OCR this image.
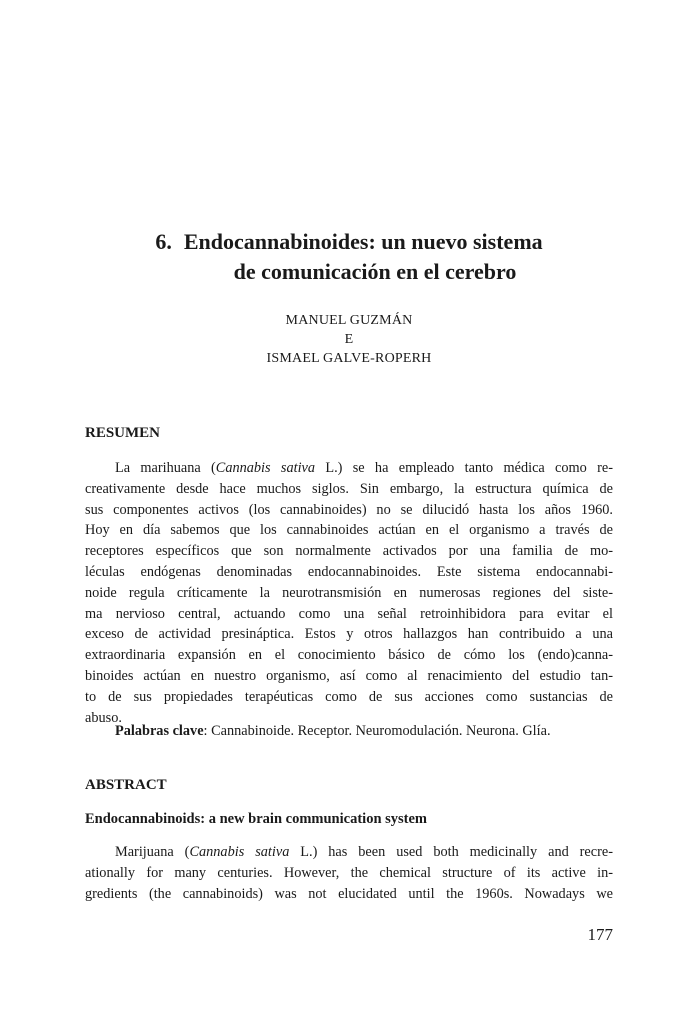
6. Endocannabinoides: un nuevo sistema
de comunicación en el cerebro
MANUEL GUZMÁN
E
ISMAEL GALVE-ROPERH
RESUMEN
La marihuana (Cannabis sativa L.) se ha empleado tanto médica como re-
creativamente desde hace muchos siglos. Sin embargo, la estructura química de
sus componentes activos (los cannabinoides) no se dilucidó hasta los años 1960.
Hoy en día sabemos que los cannabinoides actúan en el organismo a través de
receptores específicos que son normalmente activados por una familia de mo-
léculas endógenas denominadas endocannabinoides. Este sistema endocannabi-
noide regula críticamente la neurotransmisión en numerosas regiones del siste-
ma nervioso central, actuando como una señal retroinhibidora para evitar el
exceso de actividad presináptica. Estos y otros hallazgos han contribuido a una
extraordinaria expansión en el conocimiento básico de cómo los (endo)canna-
binoides actúan en nuestro organismo, así como al renacimiento del estudio tan-
to de sus propiedades terapéuticas como de sus acciones como sustancias de
abuso.
Palabras clave: Cannabinoide. Receptor. Neuromodulación. Neurona. Glía.
ABSTRACT
Endocannabinoids: a new brain communication system
Marijuana (Cannabis sativa L.) has been used both medicinally and recre-
ationally for many centuries. However, the chemical structure of its active in-
gredients (the cannabinoids) was not elucidated until the 1960s. Nowadays we
177
